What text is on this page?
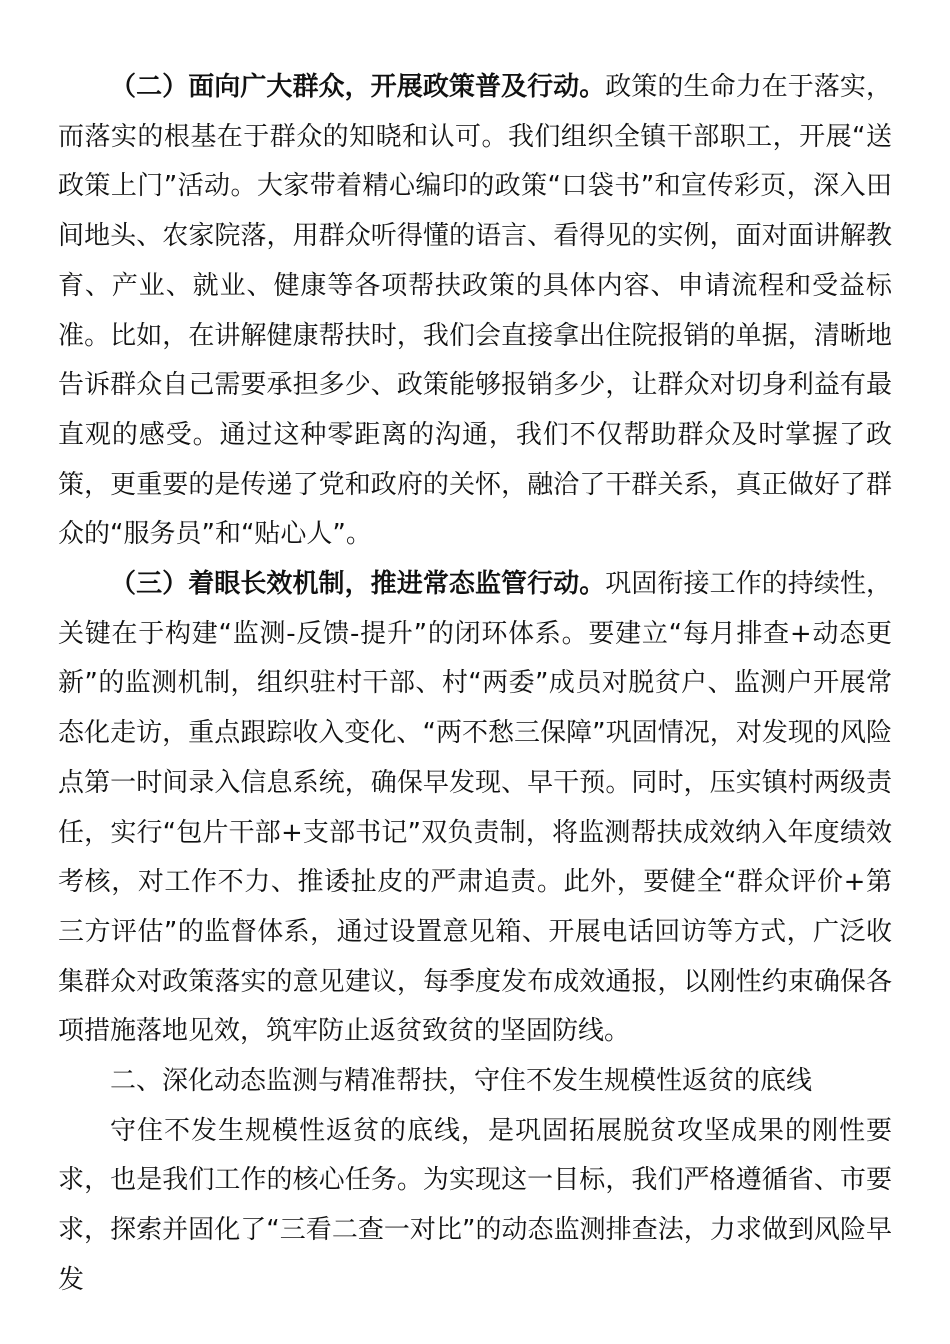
（二）面向广大群众，开展政策普及行动。政策的生命力在于落实，而落实的根基在于群众的知晓和认可。我们组织全镇干部职工，开展“送政策上门”活动。大家带着精心编印的政策“口袋书”和宣传彩页，深入田间地头、农家院落，用群众听得懂的语言、看得见的实例，面对面讲解教育、产业、就业、健康等各项帮扶政策的具体内容、申请流程和受益标准。比如，在讲解健康帮扶时，我们会直接拿出住院报销的单据，清晰地告诉群众自己需要承担多少、政策能够报销多少，让群众对切身利益有最直观的感受。通过这种零距离的沟通，我们不仅帮助群众及时掌握了政策，更重要的是传递了党和政府的关怀，融洽了干群关系，真正做好了群众的“服务员”和“贴心人”。

（三）着眼长效机制，推进常态监管行动。巩固衔接工作的持续性，关键在于构建“监测-反馈-提升”的闭环体系。要建立“每月排查+动态更新”的监测机制，组织驻村干部、村“两委”成员对脱贫户、监测户开展常态化走访，重点跟踪收入变化、“两不愁三保障”巩固情况，对发现的风险点第一时间录入信息系统，确保早发现、早干预。同时，压实镇村两级责任，实行“包片干部+支部书记”双负责制，将监测帮扶成效纳入年度绩效考核，对工作不力、推诿扯皮的严肃追责。此外，要健全“群众评价+第三方评估”的监督体系，通过设置意见箱、开展电话回访等方式，广泛收集群众对政策落实的意见建议，每季度发布成效通报，以刚性约束确保各项措施落地见效，筑牢防止返贫致贫的坚固防线。

二、深化动态监测与精准帮扶，守住不发生规模性返贫的底线

守住不发生规模性返贫的底线，是巩固拓展脱贫攻坚成果的刚性要求，也是我们工作的核心任务。为实现这一目标，我们严格遵循省、市要求，探索并固化了“三看二查一对比”的动态监测排查法，力求做到风险早发
